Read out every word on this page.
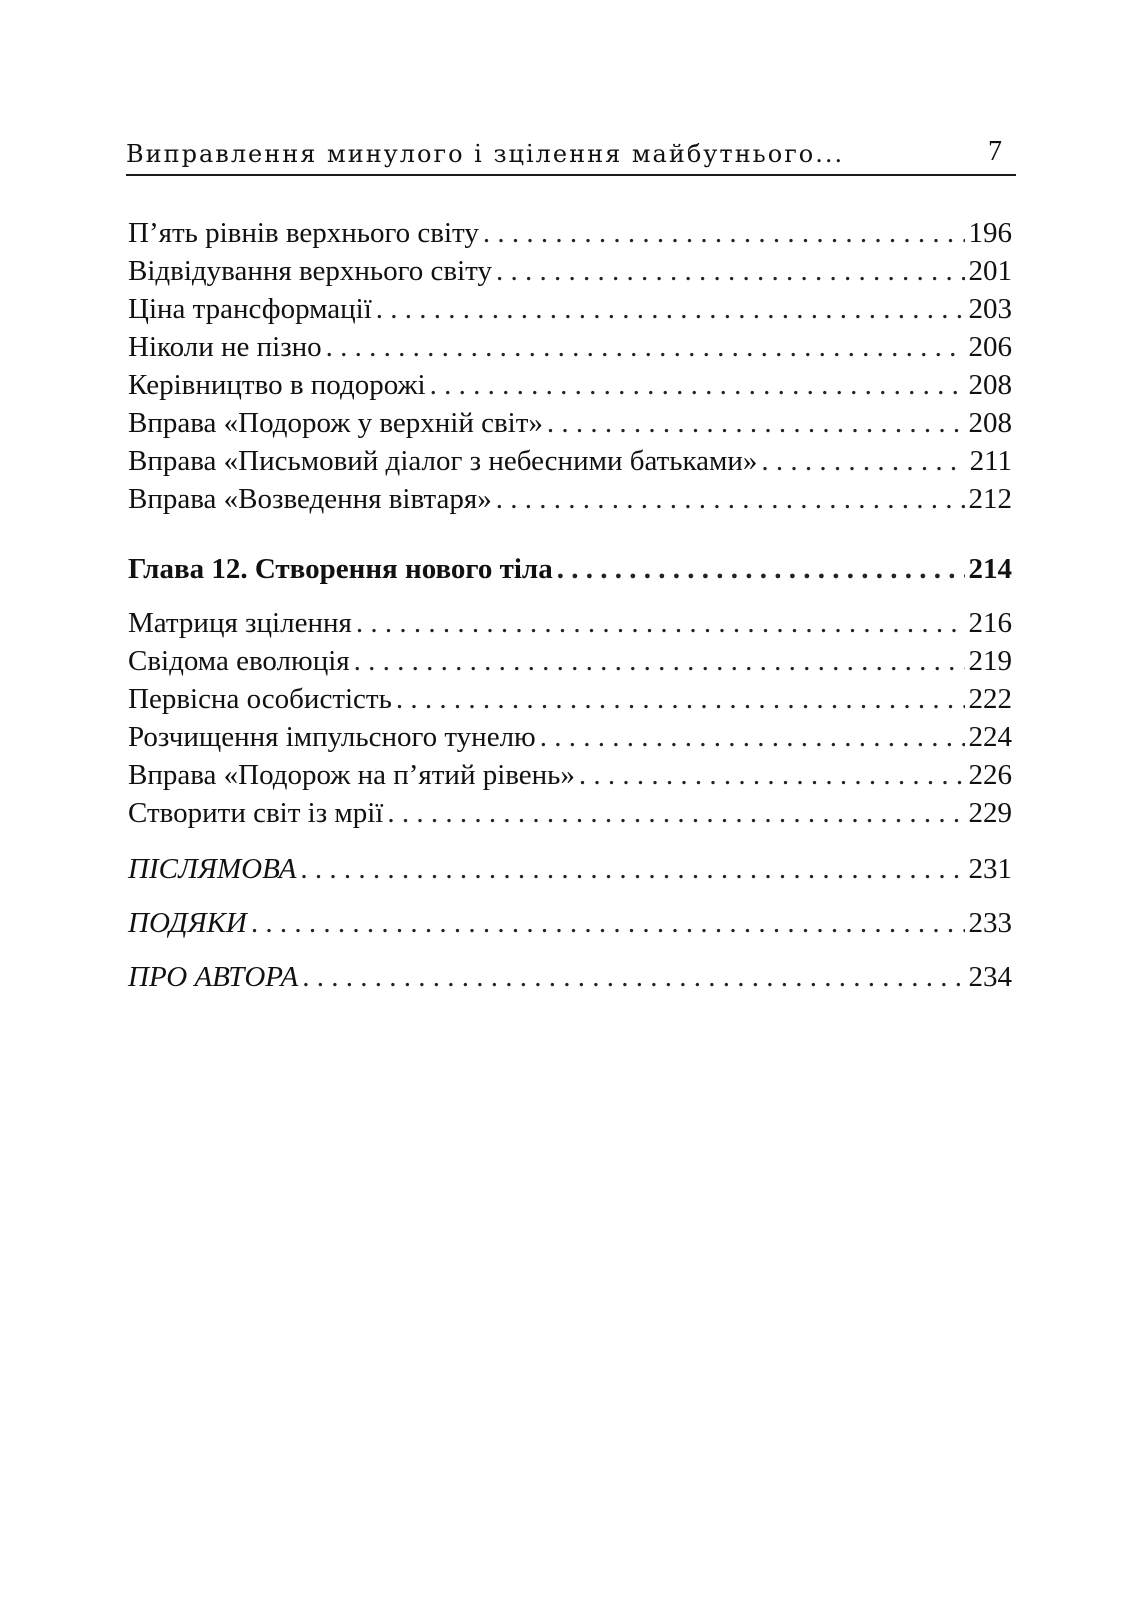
Виправлення минулого і зцілення майбутнього...	7
П’ять рівнів верхнього світу . . .	196
Відвідування верхнього світу . . .	201
Ціна трансформації . . .	203
Ніколи не пізно . . .	206
Керівництво в подорожі . . .	208
Вправа «Подорож у верхній світ» . . .	208
Вправа «Письмовий діалог з небесними батьками» . . .	211
Вправа «Возведення вівтаря» . . .	212
Глава 12. Створення нового тіла . . .	214
Матриця зцілення . . .	216
Свідома еволюція . . .	219
Первісна особистість . . .	222
Розчищення імпульсного тунелю . . .	224
Вправа «Подорож на п’ятий рівень» . . .	226
Створити світ із мрії . . .	229
ПІСЛЯМОВА . . .	231
ПОДЯКИ . . .	233
ПРО АВТОРА . . .	234
